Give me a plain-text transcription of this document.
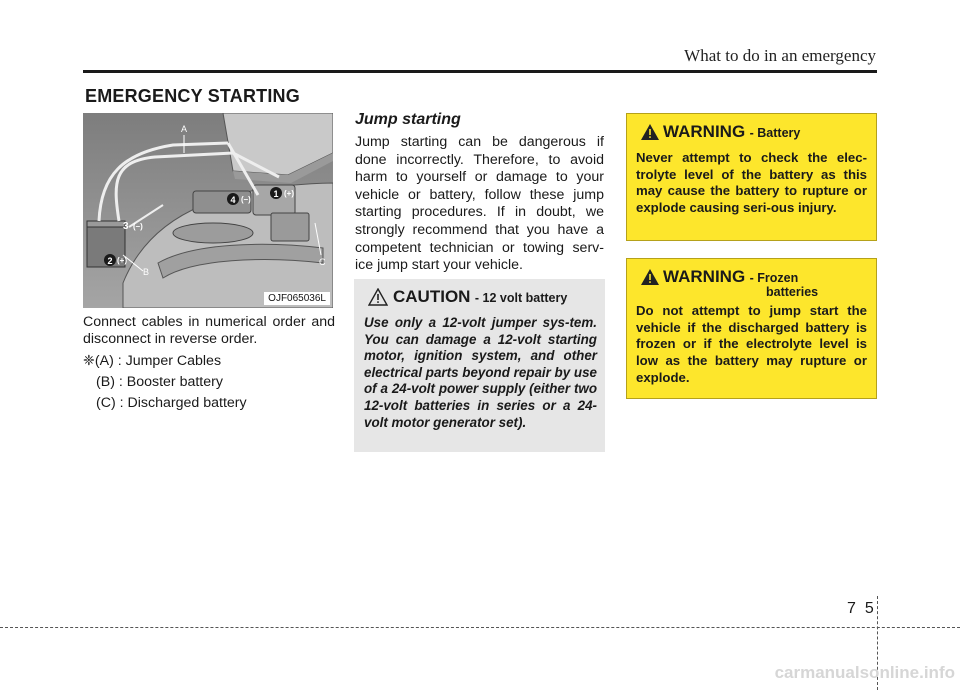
What to do in an emergency
EMERGENCY STARTING
1
2
4
3
(+)
(+)
(–)
(–)
A
B
C
OJF065036L

Connect cables in numerical order and disconnect in reverse order.

❈(A) : Jumper Cables
(B) : Booster battery
(C) : Discharged battery
Jump starting

Jump starting can be dangerous if done incorrectly. Therefore, to avoid harm to yourself or damage to your vehicle or battery, follow these jump starting procedures. If in doubt, we strongly recommend that you have a competent technician or towing serv-ice jump start your vehicle.

CAUTION - 12 volt battery

Use only a 12-volt jumper sys-tem. You can damage a 12-volt starting motor, ignition system, and other electrical parts beyond repair by use of a 24-volt power supply (either two 12-volt batteries in series or a 24-volt motor generator set).

WARNING - Battery

Never attempt to check the elec-trolyte level of the battery as this may cause the battery to rupture or explode causing seri-ous injury.

WARNING - Frozen
batteries

Do not attempt to jump start the vehicle if the discharged battery is frozen or if the electrolyte level is low as the battery may rupture or explode.

75
carmanualsonline.info
